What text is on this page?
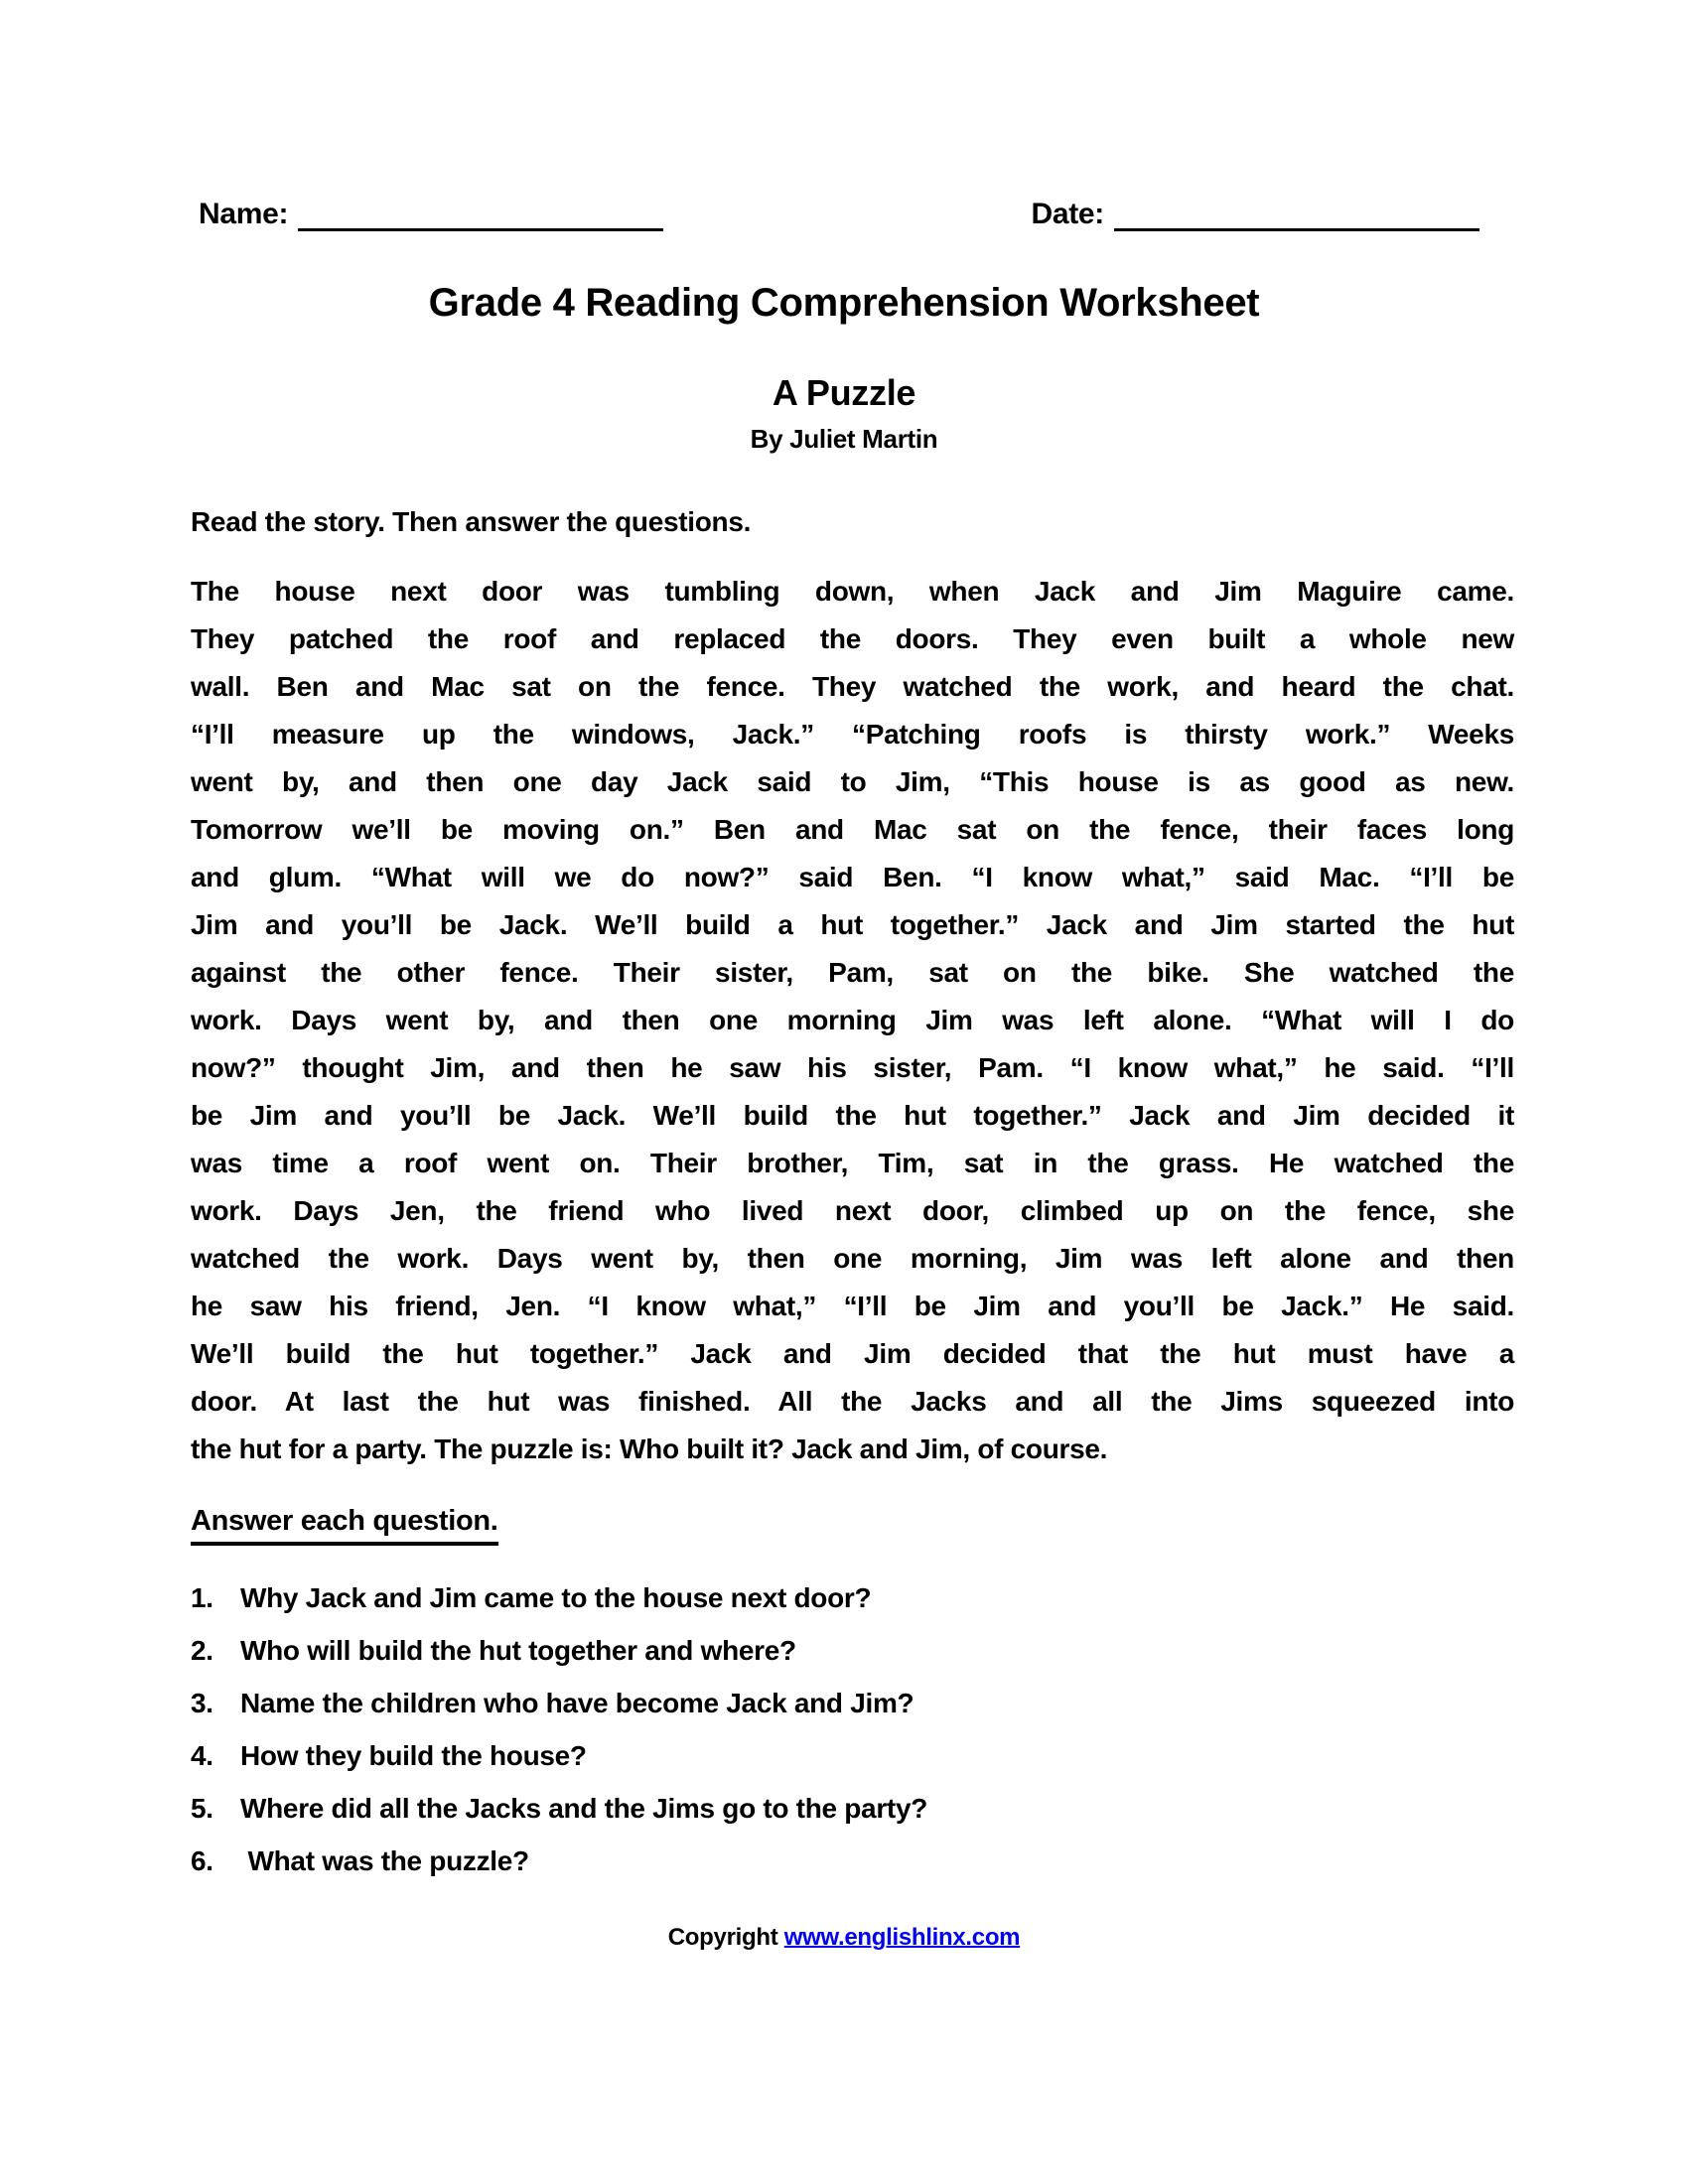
Name:	Date:
Grade 4 Reading Comprehension Worksheet
A Puzzle
By Juliet Martin
Read the story. Then answer the questions.
The house next door was tumbling down, when Jack and Jim Maguire came.
They patched the roof and replaced the doors. They even built a whole new
wall. Ben and Mac sat on the fence. They watched the work, and heard the chat.
“I’ll measure up the windows, Jack.” “Patching roofs is thirsty work.” Weeks
went by, and then one day Jack said to Jim, “This house is as good as new.
Tomorrow we’ll be moving on.” Ben and Mac sat on the fence, their faces long
and glum. “What will we do now?” said Ben. “I know what,” said Mac. “I’ll be
Jim and you’ll be Jack. We’ll build a hut together.” Jack and Jim started the hut
against the other fence. Their sister, Pam, sat on the bike. She watched the
work. Days went by, and then one morning Jim was left alone. “What will I do
now?” thought Jim, and then he saw his sister, Pam. “I know what,” he said. “I’ll
be Jim and you’ll be Jack. We’ll build the hut together.” Jack and Jim decided it
was time a roof went on. Their brother, Tim, sat in the grass. He watched the
work. Days Jen, the friend who lived next door, climbed up on the fence, she
watched the work. Days went by, then one morning, Jim was left alone and then
he saw his friend, Jen. “I know what,” “I’ll be Jim and you’ll be Jack.” He said.
We’ll build the hut together.” Jack and Jim decided that the hut must have a
door. At last the hut was finished. All the Jacks and all the Jims squeezed into
the hut for a party. The puzzle is: Who built it? Jack and Jim, of course.
Answer each question.
1. Why Jack and Jim came to the house next door?
2. Who will build the hut together and where?
3. Name the children who have become Jack and Jim?
4. How they build the house?
5. Where did all the Jacks and the Jims go to the party?
6. What was the puzzle?
Copyright www.englishlinx.com
